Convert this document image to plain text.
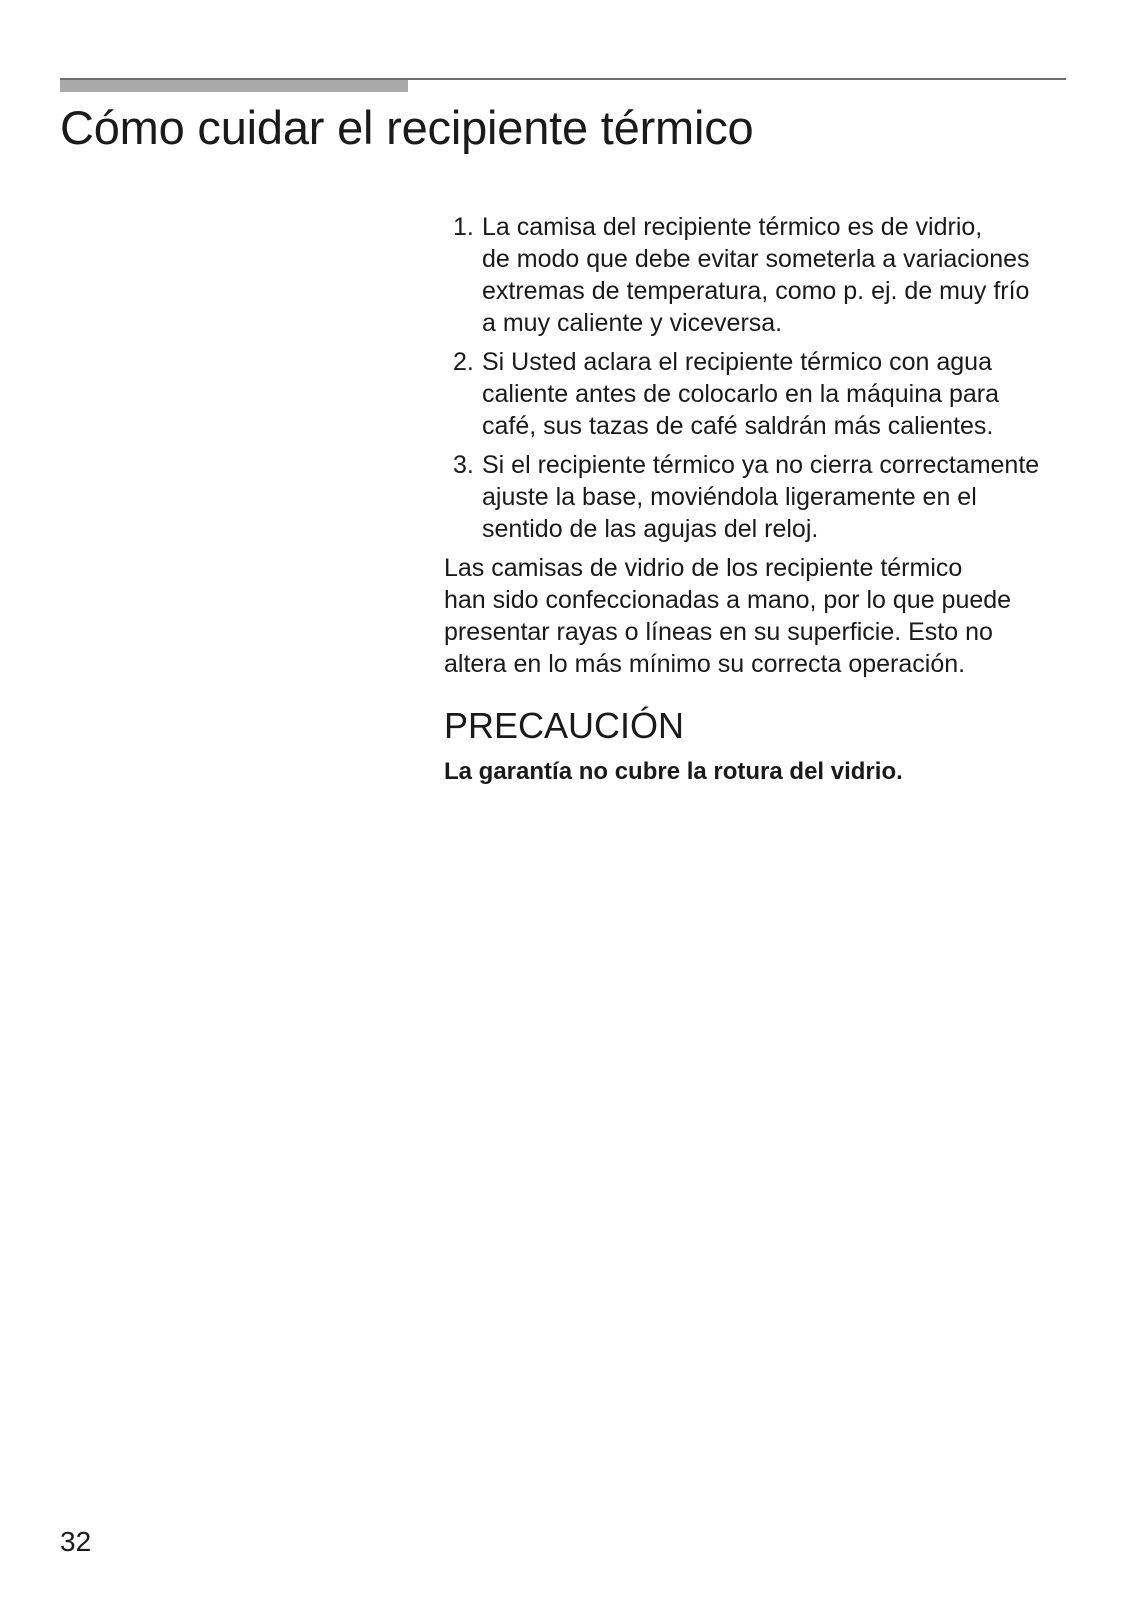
Cómo cuidar el recipiente térmico
1. La camisa del recipiente térmico es de vidrio,
de modo que debe evitar someterla a variaciones
extremas de temperatura, como p. ej. de muy frío
a muy caliente y viceversa.
2. Si Usted aclara el recipiente térmico con agua
caliente antes de colocarlo en la máquina para
café, sus tazas de café saldrán más calientes.
3. Si el recipiente térmico ya no cierra correctamente
ajuste la base, moviéndola ligeramente en el
sentido de las agujas del reloj.

Las camisas de vidrio de los recipiente térmico
han sido confeccionadas a mano, por lo que puede
presentar rayas o líneas en su superficie. Esto no
altera en lo más mínimo su correcta operación.

PRECAUCIÓN

La garantía no cubre la rotura del vidrio.

32
